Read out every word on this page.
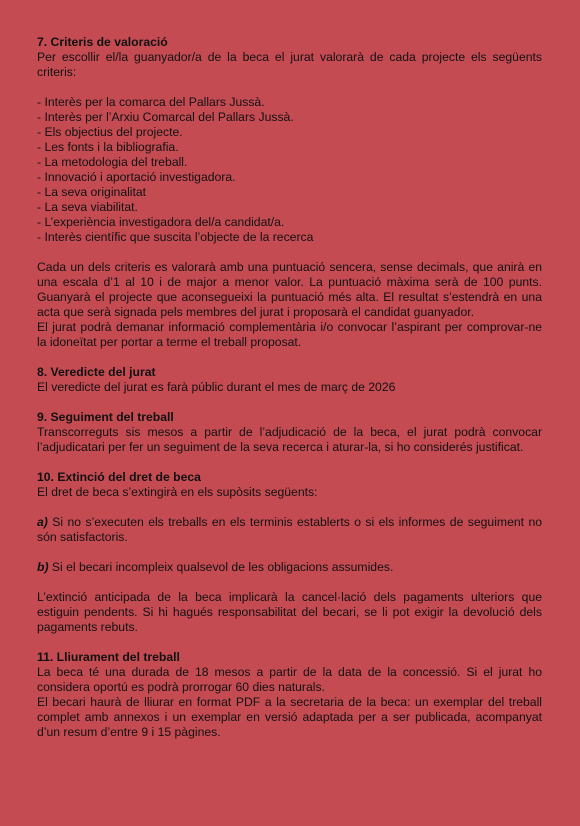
7. Criteris de valoració

Per escollir el/la guanyador/a de la beca el jurat valorarà de cada projecte els següents criteris:

- Interès per la comarca del Pallars Jussà.
- Interès per l’Arxiu Comarcal del Pallars Jussà.
- Els objectius del projecte.
- Les fonts i la bibliografia.
- La metodologia del treball.
- Innovació i aportació investigadora.
- La seva originalitat
- La seva viabilitat.
- L’experiència investigadora del/a candidat/a.
- Interès científic que suscita l’objecte de la recerca

Cada un dels criteris es valorarà amb una puntuació sencera, sense decimals, que anirà en una escala d’1 al 10 i de major a menor valor. La puntuació màxima serà de 100 punts. Guanyarà el projecte que aconsegueixi la puntuació més alta. El resultat s’estendrà en una acta que serà signada pels membres del jurat i proposarà el candidat guanyador.

El jurat podrà demanar informació complementària i/o convocar l’aspirant per comprovar-ne la idoneïtat per portar a terme el treball proposat.

8. Veredicte del jurat

El veredicte del jurat es farà públic durant el mes de març de 2026

9. Seguiment del treball

Transcorreguts sis mesos a partir de l’adjudicació de la beca, el jurat podrà convocar l’adjudicatari per fer un seguiment de la seva recerca i aturar-la, si ho considerés justificat.

10. Extinció del dret de beca

El dret de beca s’extingirà en els supòsits següents:

a) Si no s’executen els treballs en els terminis establerts o si els informes de seguiment no són satisfactoris.

b) Si el becari incompleix qualsevol de les obligacions assumides.

L’extinció anticipada de la beca implicarà la cancel·lació dels pagaments ulteriors que estiguin pendents. Si hi hagués responsabilitat del becari, se li pot exigir la devolució dels pagaments rebuts.

11. Lliurament del treball

La beca té una durada de 18 mesos a partir de la data de la concessió. Si el jurat ho considera oportú es podrà prorrogar 60 dies naturals.

El becari haurà de lliurar en format PDF a la secretaria de la beca: un exemplar del treball complet amb annexos i un exemplar en versió adaptada per a ser publicada, acompanyat d’un resum d’entre 9 i 15 pàgines.
